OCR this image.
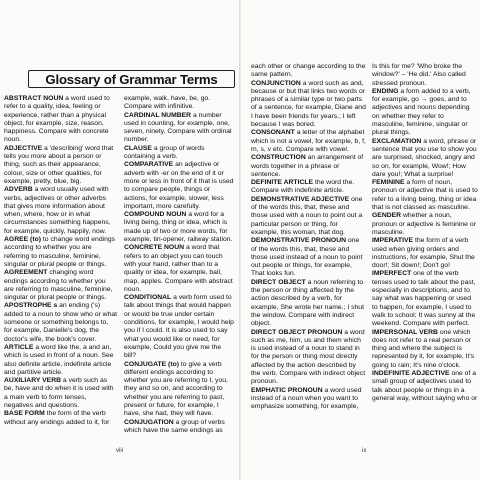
Glossary of Grammar Terms

ABSTRACT NOUN a word used to refer to a quality, idea, feeling or experience, rather than a physical object, for example, size, reason, happiness. Compare with concrete noun.

ADJECTIVE a 'describing' word that tells you more about a person or thing, such as their appearance, colour, size or other qualities, for example, pretty, blue, big.

ADVERB a word usually used with verbs, adjectives or other adverbs that gives more information about when, where, how or in what circumstances something happens, for example, quickly, happily, now.

AGREE (to) to change word endings according to whether you are referring to masculine, feminine, singular or plural people or things.

AGREEMENT changing word endings according to whether you are referring to masculine, feminine, singular or plural people or things.

APOSTROPHE s an ending ('s) added to a noun to show who or what someone or something belongs to, for example, Danielle's dog, the doctor's wife, the book's cover.

ARTICLE a word like the, a and an, which is used in front of a noun. See also definite article, indefinite article and partitive article.

AUXILIARY VERB a verb such as be, have and do when it is used with a main verb to form tenses, negatives and questions.

BASE FORM the form of the verb without any endings added to it, for

example, walk, have, be, go. Compare with infinitive.

CARDINAL NUMBER a number used in counting, for example, one, seven, ninety. Compare with ordinal number.

CLAUSE a group of words containing a verb.

COMPARATIVE an adjective or adverb with -er on the end of it or more or less in front of it that is used to compare people, things or actions, for example, slower, less important, more carefully.

COMPOUND NOUN a word for a living being, thing or idea, which is made up of two or more words, for example, tin-opener, railway station.

CONCRETE NOUN a word that refers to an object you can touch with your hand, rather than to a quality or idea, for example, ball, map, apples. Compare with abstract noun.

CONDITIONAL a verb form used to talk about things that would happen or would be true under certain conditions, for example, I would help you if I could. It is also used to say what you would like or need, for example, Could you give me the bill?

CONJUGATE (to) to give a verb different endings according to whether you are referring to I, you, they and so on, and according to whether you are referring to past, present or future, for example, I have, she had, they will have.

CONJUGATION a group of verbs which have the same endings as

viii

each other or change according to the same pattern.

CONJUNCTION a word such as and, because or but that links two words or phrases of a similar type or two parts of a sentence, for example, Diane and I have been friends for years.; I left because I was bored.

CONSONANT a letter of the alphabet which is not a vowel, for example, b, f, m, s, v etc. Compare with vowel.

CONSTRUCTION an arrangement of words together in a phrase or sentence.

DEFINITE ARTICLE the word the. Compare with indefinite article.

DEMONSTRATIVE ADJECTIVE one of the words this, that, these and those used with a noun to point out a particular person or thing, for example, this woman, that dog.

DEMONSTRATIVE PRONOUN one of the words this, that, these and those used instead of a noun to point out people or things, for example, That looks fun.

DIRECT OBJECT a noun referring to the person or thing affected by the action described by a verb, for example, She wrote her name.; I shut the window. Compare with indirect object.

DIRECT OBJECT PRONOUN a word such as me, him, us and them which is used instead of a noun to stand in for the person or thing most directly affected by the action described by the verb. Compare with indirect object pronoun.

EMPHATIC PRONOUN a word used instead of a noun when you want to emphasize something, for example,

Is this for me? 'Who broke the window?' – 'He did.' Also called stressed pronoun.

ENDING a form added to a verb, for example, go → goes, and to adjectives and nouns depending on whether they refer to masculine, feminine, singular or plural things.

EXCLAMATION a word, phrase or sentence that you use to show you are surprised, shocked, angry and so on, for example, Wow!; How dare you!; What a surprise!

FEMININE a form of noun, pronoun or adjective that is used to refer to a living being, thing or idea that is not classed as masculine.

GENDER whether a noun, pronoun or adjective is feminine or masculine.

IMPERATIVE the form of a verb used when giving orders and instructions, for example, Shut the door!; Sit down!; Don't go!

IMPERFECT one of the verb tenses used to talk about the past, especially in descriptions, and to say what was happening or used to happen, for example, I used to walk to school; It was sunny at the weekend. Compare with perfect.

IMPERSONAL VERB one which does not refer to a real person or thing and where the subject is represented by it, for example, It's going to rain; It's nine o'clock.

INDEFINITE ADJECTIVE one of a small group of adjectives used to talk about people or things in a general way, without saying who or

ix
